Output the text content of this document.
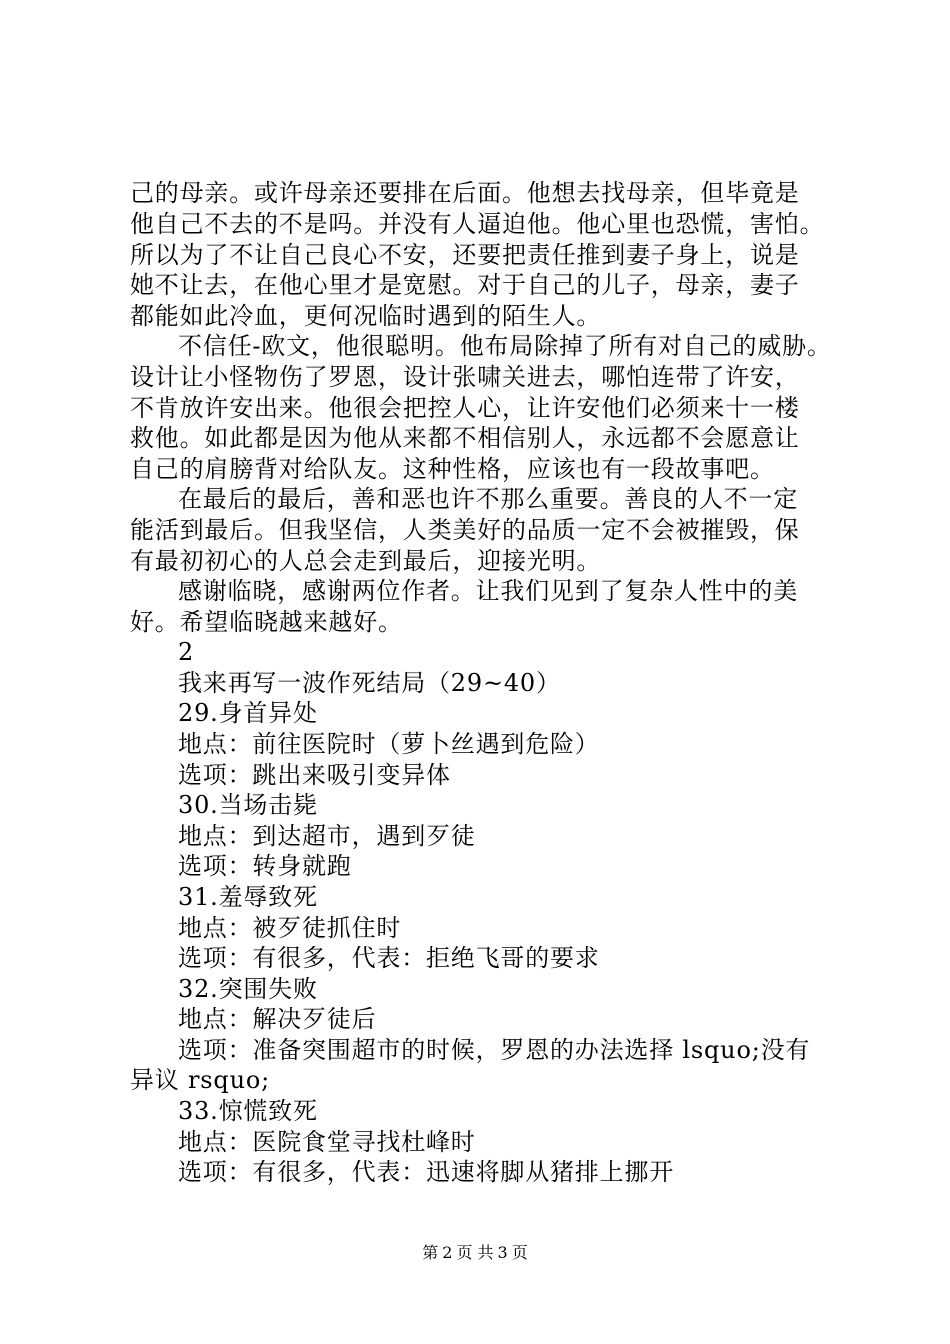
己的母亲。或许母亲还要排在后面。他想去找母亲，但毕竟是
他自己不去的不是吗。并没有人逼迫他。他心里也恐慌，害怕。
所以为了不让自己良心不安，还要把责任推到妻子身上，说是
她不让去，在他心里才是宽慰。对于自己的儿子，母亲，妻子
都能如此冷血，更何况临时遇到的陌生人。
不信任-欧文，他很聪明。他布局除掉了所有对自己的威胁。
设计让小怪物伤了罗恩，设计张啸关进去，哪怕连带了许安，
不肯放许安出来。他很会把控人心，让许安他们必须来十一楼
救他。如此都是因为他从来都不相信别人，永远都不会愿意让
自己的肩膀背对给队友。这种性格，应该也有一段故事吧。
在最后的最后，善和恶也许不那么重要。善良的人不一定
能活到最后。但我坚信，人类美好的品质一定不会被摧毁，保
有最初初心的人总会走到最后，迎接光明。
感谢临晓，感谢两位作者。让我们见到了复杂人性中的美
好。希望临晓越来越好。
2
我来再写一波作死结局（29~40）
29.身首异处
地点：前往医院时（萝卜丝遇到危险）
选项：跳出来吸引变异体
30.当场击毙
地点：到达超市，遇到歹徒
选项：转身就跑
31.羞辱致死
地点：被歹徒抓住时
选项：有很多，代表：拒绝飞哥的要求
32.突围失败
地点：解决歹徒后
选项：准备突围超市的时候，罗恩的办法选择 lsquo;没有
异议 rsquo;
33.惊慌致死
地点：医院食堂寻找杜峰时
选项：有很多，代表：迅速将脚从猪排上挪开
第 2 页 共 3 页
